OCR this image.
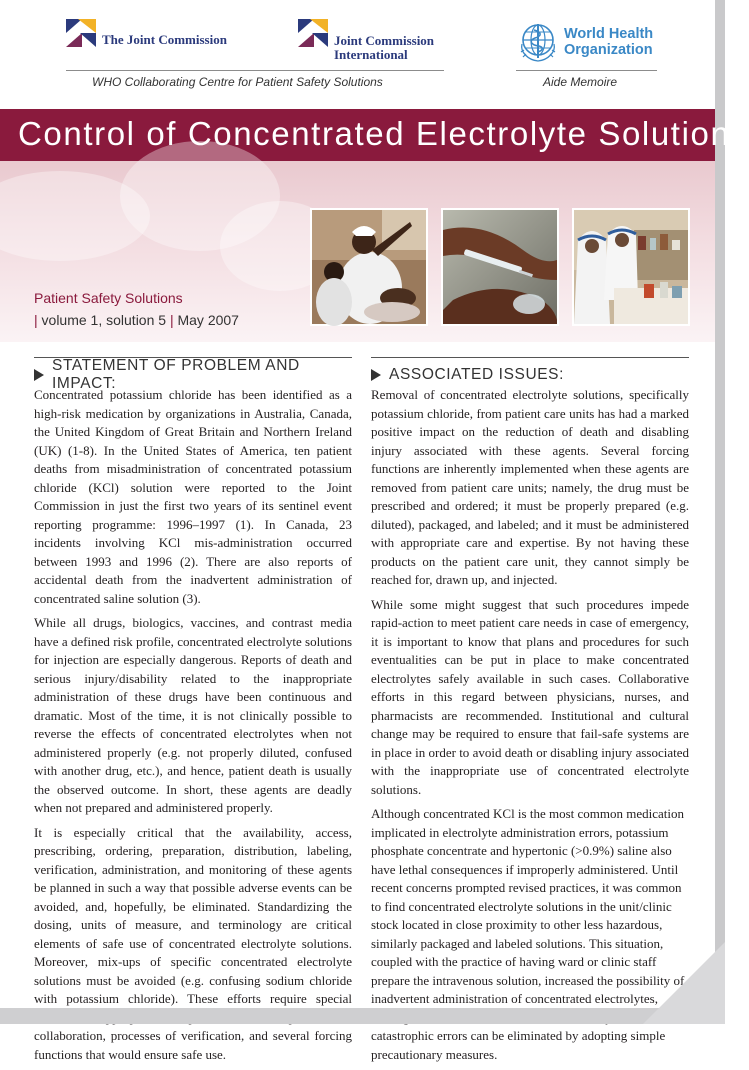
The Joint Commission	Joint Commission
International
World Health
Organization
WHO Collaborating Centre for Patient Safety Solutions	Aide Memoire
Control of Concentrated Electrolyte Solutions
Patient Safety Solutions
| volume 1, solution 5 | May 2007
STATEMENT OF PROBLEM AND IMPACT:

Concentrated potassium chloride has been identified as a high-risk medication by organizations in Australia, Canada, the United Kingdom of Great Britain and Northern Ireland (UK) (1-8). In the United States of America, ten patient deaths from misadministration of concentrated potassium chloride (KCl) solution were reported to the Joint Commission in just the first two years of its sentinel event reporting programme: 1996–1997 (1). In Canada, 23 incidents involving KCl mis-administration occurred between 1993 and 1996 (2). There are also reports of accidental death from the inadvertent administration of concentrated saline solution (3).

While all drugs, biologics, vaccines, and contrast media have a defined risk profile, concentrated electrolyte solutions for injection are especially dangerous. Reports of death and serious injury/disability related to the inappropriate administration of these drugs have been continuous and dramatic. Most of the time, it is not clinically possible to reverse the effects of concentrated electrolytes when not administered properly (e.g. not properly diluted, confused with another drug, etc.), and hence, patient death is usually the observed outcome. In short, these agents are deadly when not prepared and administered properly.

It is especially critical that the availability, access, prescribing, ordering, preparation, distribution, labeling, verification, administration, and monitoring of these agents be planned in such a way that possible adverse events can be avoided, and, hopefully, be eliminated. Standardizing the dosing, units of measure, and terminology are critical elements of safe use of concentrated electrolyte solutions. Moreover, mix-ups of specific concentrated electrolyte solutions must be avoided (e.g. confusing sodium chloride with potassium chloride). These efforts require special collaboration, processes of verification, and several forcing functions that would ensure safe use.

ASSOCIATED ISSUES:

Removal of concentrated electrolyte solutions, specifically potassium chloride, from patient care units has had a marked positive impact on the reduction of death and disabling injury associated with these agents. Several forcing functions are inherently implemented when these agents are removed from patient care units; namely, the drug must be prescribed and ordered; it must be properly prepared (e.g. diluted), packaged, and labeled; and it must be administered with appropriate care and expertise. By not having these products on the patient care unit, they cannot simply be reached for, drawn up, and injected.

While some might suggest that such procedures impede rapid-action to meet patient care needs in case of emergency, it is important to know that plans and procedures for such eventualities can be put in place to make concentrated electrolytes safely available in such cases. Collaborative efforts in this regard between physicians, nurses, and pharmacists are recommended. Institutional and cultural change may be required to ensure that fail-safe systems are in place in order to avoid death or disabling injury associated with the inappropriate use of concentrated electrolyte solutions.

Although concentrated KCl is the most common medication implicated in electrolyte administration errors, potassium phosphate concentrate and hypertonic (>0.9%) saline also have lethal consequences if improperly administered. Until recent concerns prompted revised practices, it was common to find concentrated electrolyte solutions in the unit/clinic stock located in close proximity to other less hazardous, similarly packaged and labeled solutions. This situation, coupled with the practice of having ward or clinic staff prepare the intravenous solution, increased the possibility of inadvertent administration of concentrated electrolytes, catastrophic errors can be eliminated by adopting simple precautionary measures.
